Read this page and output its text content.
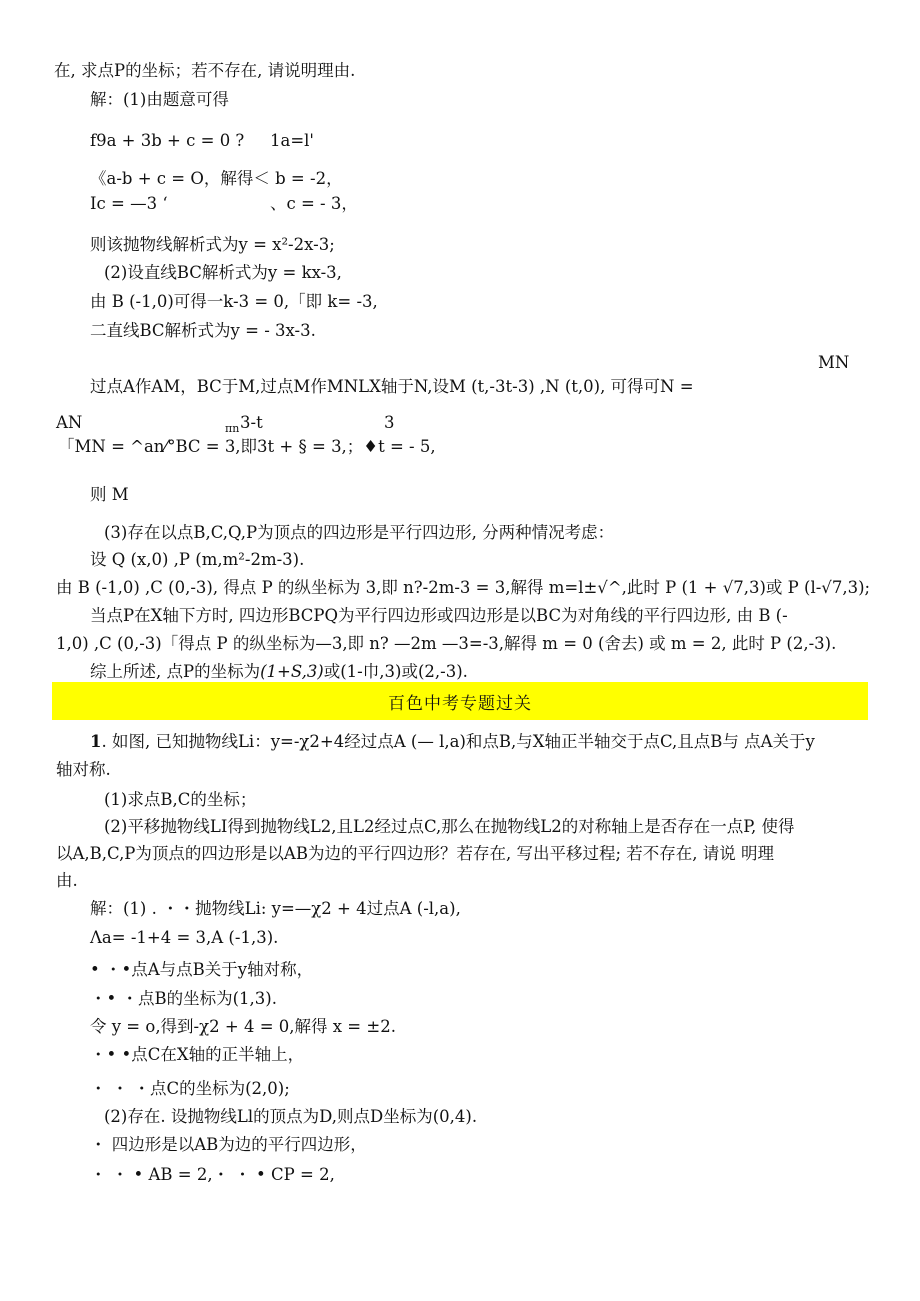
在, 求点P的坐标；若不存在, 请说明理由.
解：(1)由题意可得
f9a + 3b + c = 0 ? 1a=l'
《a-b + c = O，解得＜ b = -2，
Ic = —3 ‘	、c = - 3，
则该抛物线解析式为y = x²-2x-3;
(2)设直线BC解析式为y = kx-3,
由 B (-1,0)可得一k-3 = 0,「即 k= -3,
二直线BC解析式为y = - 3x-3.
MN
过点A作AM，BC于M,过点M作MNLX轴于N,设M (t,-3t-3) ,N (t,0), 可得可N =
AN	πn 3-t	3
「MN = ^an⁄°BC = 3,即3t + § = 3,；♦t = - 5,
则 M
(3)存在以点B,C,Q,P为顶点的四边形是平行四边形, 分两种情况考虑：
设 Q (x,0) ,P (m,m²-2m-3).
由 B (-1,0) ,C (0,-3), 得点 P 的纵坐标为 3,即 n?-2m-3 = 3,解得 m=l±√^,此时 P (1 + √7,3)或 P (l-√7,3);
当点P在X轴下方时, 四边形BCPQ为平行四边形或四边形是以BC为对角线的平行四边形, 由 B (-
1,0) ,C (0,-3)「得点 P 的纵坐标为—3,即 n? —2m —3=-3,解得 m = 0 (舍去) 或 m = 2, 此时 P (2,-3).
综上所述, 点P的坐标为(1+S,3)或(1-巾,3)或(2,-3).
百色中考专题过关
1. 如图, 已知抛物线Li：y=-χ2+4经过点A (— l,a)和点B,与X轴正半轴交于点C,且点B与 点A关于y
轴对称.
(1)求点B,C的坐标；
(2)平移抛物线LI得到抛物线L2,且L2经过点C,那么在抛物线L2的对称轴上是否存在一点P, 使得
以A,B,C,P为顶点的四边形是以AB为边的平行四边形？若存在, 写出平移过程; 若不存在, 请说 明理
由.
解：(1) . ・・抛物线Li: y=—χ2 + 4过点A (-l,a),
Λa= -1+4 = 3,A (-1,3).
• ・•点A与点B关于y轴对称，
・• ・点B的坐标为(1,3).
令 y = o,得到-χ2 + 4 = 0,解得 x = ±2.
・• •点C在X轴的正半轴上，
・ ・ ・点C的坐标为(2,0);
(2)存在. 设抛物线Ll的顶点为D,则点D坐标为(0,4).
・ 四边形是以AB为边的平行四边形，
・ ・ • AB = 2,・ ・ • CP = 2,
